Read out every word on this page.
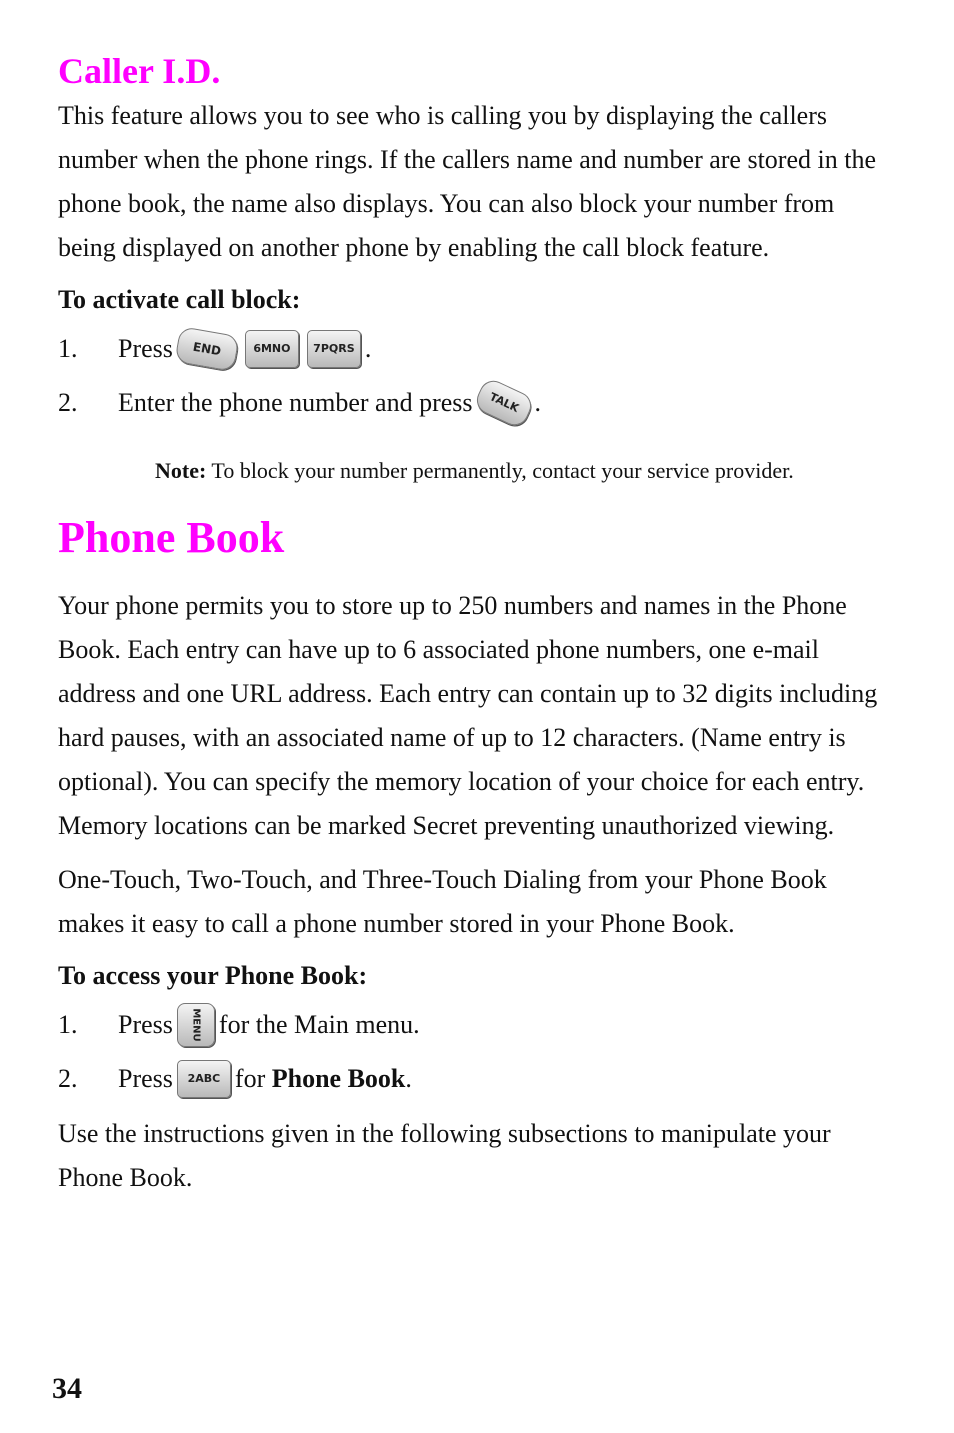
Caller I.D.

This feature allows you to see who is calling you by displaying the callers number when the phone rings. If the callers name and number are stored in the phone book, the name also displays. You can also block your number from being displayed on another phone by enabling the call block feature.

To activate call block:
1.	Press	END	6MNO	7PQRS .
2.	Enter the phone number and press	TALK .
Note: To block your number permanently, contact your service provider.
Phone Book

Your phone permits you to store up to 250 numbers and names in the Phone Book. Each entry can have up to 6 associated phone numbers, one e-mail address and one URL address. Each entry can contain up to 32 digits including hard pauses, with an associated name of up to 12 characters. (Name entry is optional). You can specify the memory location of your choice for each entry. Memory locations can be marked Secret preventing unauthorized viewing.

One-Touch, Two-Touch, and Three-Touch Dialing from your Phone Book makes it easy to call a phone number stored in your Phone Book.

To access your Phone Book:
1.	Press	MENU for the Main menu.
2.	Press	2ABC for
Phone Book .

Use the instructions given in the following subsections to manipulate your Phone Book.

34
